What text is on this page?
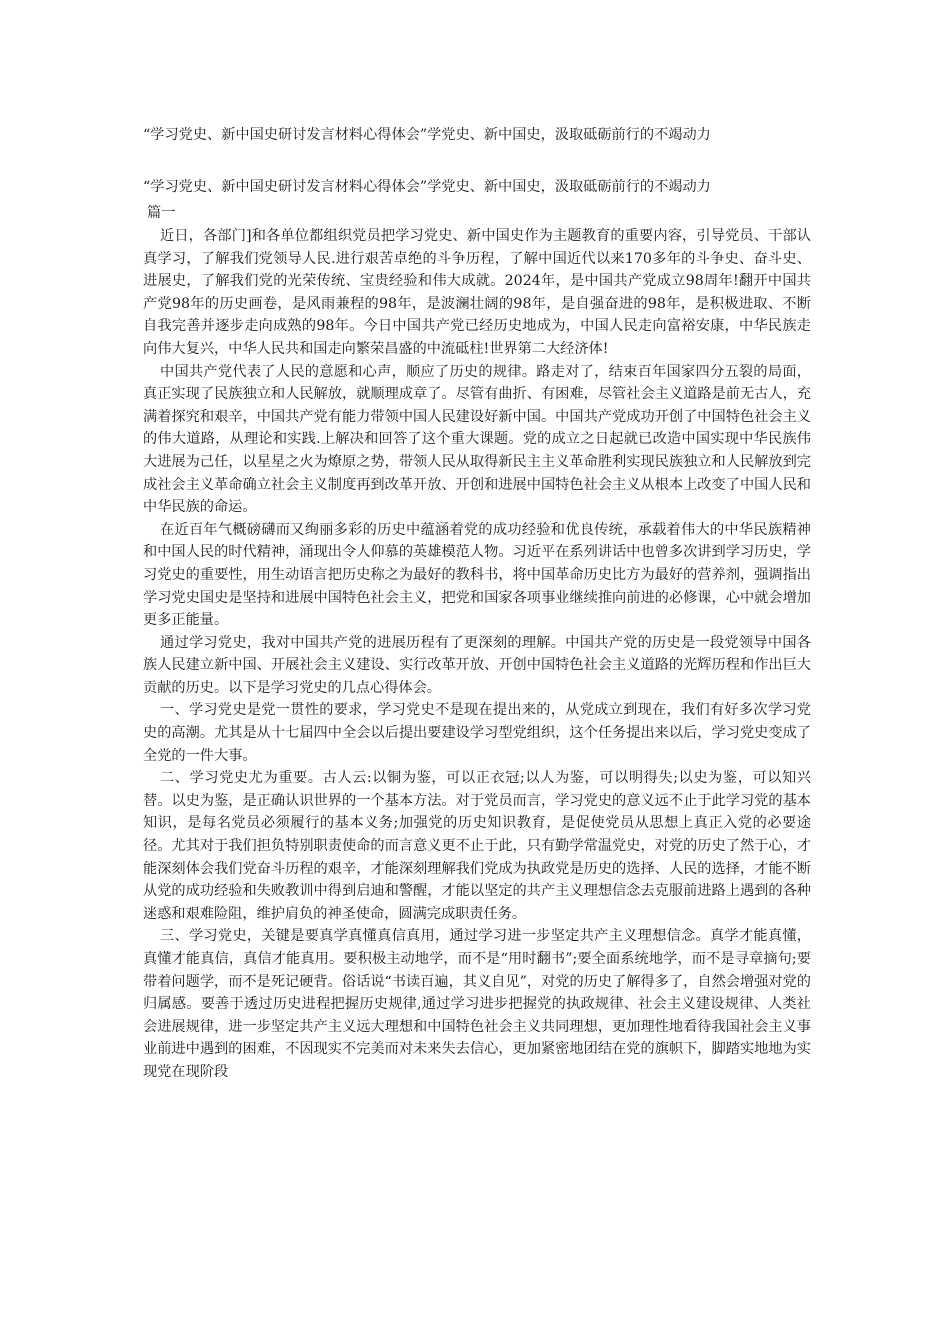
“学习党史、新中国史研讨发言材料心得体会”学党史、新中国史，汲取砥砺前行的不竭动力

“学习党史、新中国史研讨发言材料心得体会”学党史、新中国史，汲取砥砺前行的不竭动力

篇一

近日，各部门]和各单位都组织党员把学习党史、新中国史作为主题教育的重要内容，引导党员、干部认真学习，了解我们党领导人民.进行艰苦卓绝的斗争历程，了解中国近代以来170多年的斗争史、奋斗史、进展史，了解我们党的光荣传统、宝贵经验和伟大成就。2024年，是中国共产党成立98周年!翻开中国共产党98年的历史画卷，是风雨兼程的98年，是波澜壮阔的98年，是自强奋进的98年，是积极进取、不断自我完善并逐步走向成熟的98年。今日中国共产党已经历史地成为，中国人民走向富裕安康，中华民族走向伟大复兴，中华人民共和国走向繁荣昌盛的中流砥柱!世界第二大经济体!

中国共产党代表了人民的意愿和心声，顺应了历史的规律。路走对了，结束百年国家四分五裂的局面，真正实现了民族独立和人民解放，就顺理成章了。尽管有曲折、有困难，尽管社会主义道路是前无古人，充满着探究和艰辛，中国共产党有能力带领中国人民建设好新中国。中国共产党成功开创了中国特色社会主义的伟大道路，从理论和实践.上解决和回答了这个重大课题。党的成立之日起就已改造中国实现中华民族伟大进展为己任，以星星之火为燎原之势，带领人民从取得新民主主义革命胜利实现民族独立和人民解放到完成社会主义革命确立社会主义制度再到改革开放、开创和进展中国特色社会主义从根本上改变了中国人民和中华民族的命运。

在近百年气概磅礴而又绚丽多彩的历史中蕴涵着党的成功经验和优良传统，承载着伟大的中华民族精神和中国人民的时代精神，涌现出令人仰慕的英雄模范人物。习近平在系列讲话中也曾多次讲到学习历史，学习党史的重要性，用生动语言把历史称之为最好的教科书，将中国革命历史比方为最好的营养剂，强调指出学习党史国史是坚持和进展中国特色社会主义，把党和国家各项事业继续推向前进的必修课，心中就会增加更多正能量。

通过学习党史，我对中国共产党的进展历程有了更深刻的理解。中国共产党的历史是一段党领导中国各族人民建立新中国、开展社会主义建设、实行改革开放、开创中国特色社会主义道路的光辉历程和作出巨大贡献的历史。以下是学习党史的几点心得体会。

一、学习党史是党一贯性的要求，学习党史不是现在提出来的，从党成立到现在，我们有好多次学习党史的高潮。尤其是从十七届四中全会以后提出要建设学习型党组织，这个任务提出来以后，学习党史变成了全党的一件大事。

二、学习党史尤为重要。古人云:以铜为鉴，可以正衣冠;以人为鉴，可以明得失;以史为鉴，可以知兴替。以史为鉴，是正确认识世界的一个基本方法。对于党员而言，学习党史的意义远不止于此学习党的基本知识，是每名党员必须履行的基本义务;加强党的历史知识教育，是促使党员从思想上真正入党的必要途径。尤其对于我们担负特别职责使命的而言意义更不止于此，只有勤学常温党史，对党的历史了然于心，才能深刻体会我们党奋斗历程的艰辛，才能深刻理解我们党成为执政党是历史的选择、人民的选择，才能不断从党的成功经验和失败教训中得到启迪和警醒，才能以坚定的共产主义理想信念去克服前进路上遇到的各种迷惑和艰难险阻，维护肩负的神圣使命，圆满完成职责任务。

三、学习党史，关键是要真学真懂真信真用，通过学习进一步坚定共产主义理想信念。真学才能真懂，真懂才能真信，真信才能真用。要积极主动地学，而不是“用时翻书”;要全面系统地学，而不是寻章摘句;要带着问题学，而不是死记硬背。俗话说“书读百遍，其义自见”，对党的历史了解得多了，自然会增强对党的归属感。要善于透过历史进程把握历史规律,通过学习进步把握党的执政规律、社会主义建设规律、人类社会进展规律，进一步坚定共产主义远大理想和中国特色社会主义共同理想，更加理性地看待我国社会主义事业前进中遇到的困难，不因现实不完美而对未来失去信心，更加紧密地团结在党的旗帜下，脚踏实地地为实现党在现阶段
